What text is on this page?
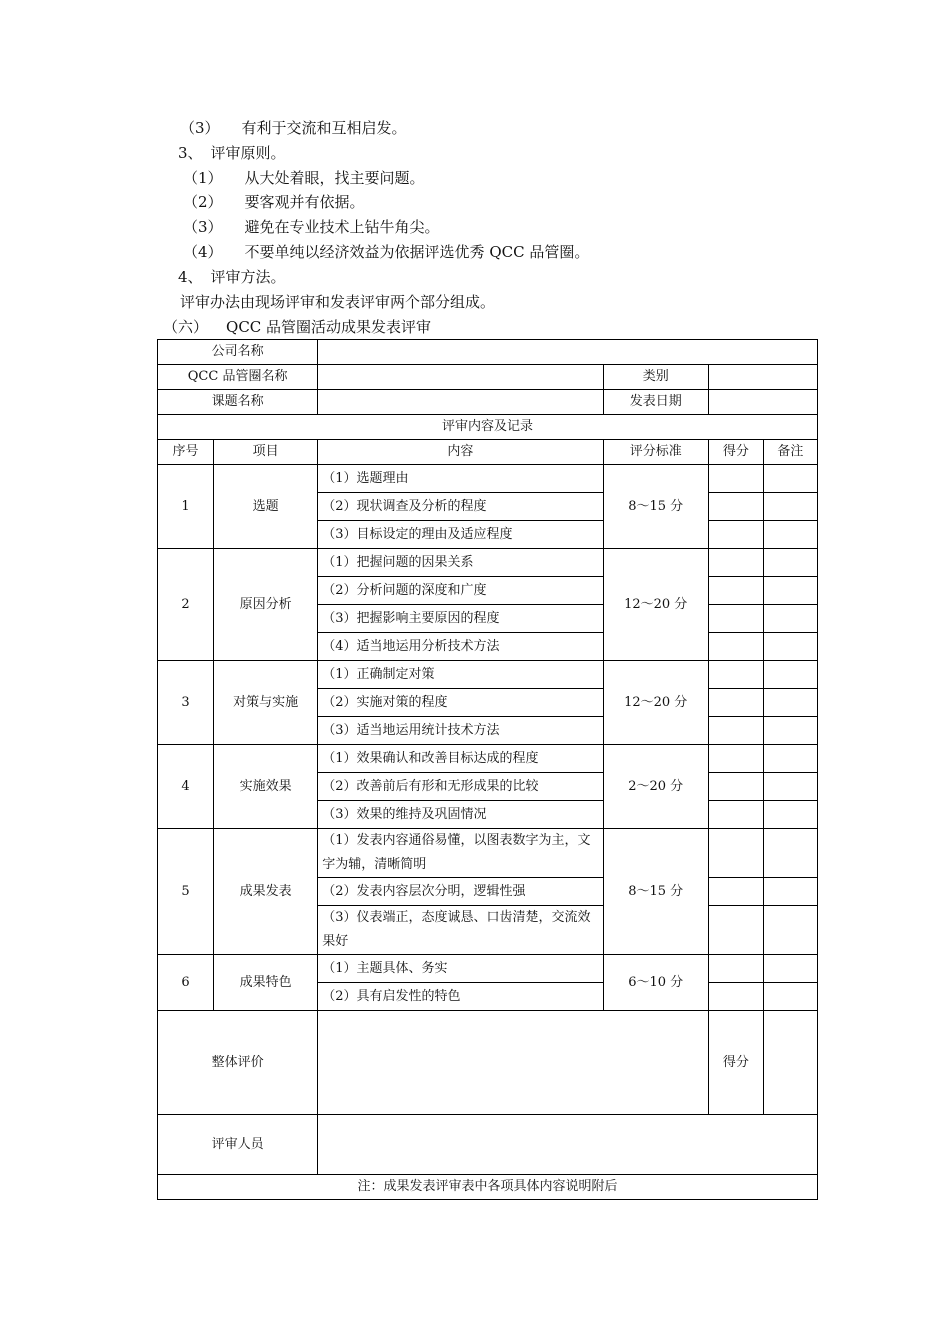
（3） 有利于交流和互相启发。
3、 评审原则。
（1） 从大处着眼，找主要问题。
（2） 要客观并有依据。
（3） 避免在专业技术上钻牛角尖。
（4） 不要单纯以经济效益为依据评选优秀 QCC 品管圈。
4、 评审方法。
评审办法由现场评审和发表评审两个部分组成。
（六） QCC 品管圈活动成果发表评审
公司名称					
QCC 品管圈名称			类别		
课题名称			发表日期		
评审内容及记录					
序号	项目	内容	评分标准	得分	备注
1	选题	（1）选题理由	8～15 分		
		（2）现状调查及分析的程度			
		（3）目标设定的理由及适应程度			
2	原因分析	（1）把握问题的因果关系	12～20 分		
		（2）分析问题的深度和广度			
		（3）把握影响主要原因的程度			
		（4）适当地运用分析技术方法			
3	对策与实施	（1）正确制定对策	12～20 分		
		（2）实施对策的程度			
		（3）适当地运用统计技术方法			
4	实施效果	（1）效果确认和改善目标达成的程度	2～20 分		
		（2）改善前后有形和无形成果的比较			
		（3）效果的维持及巩固情况			
5	成果发表	（1）发表内容通俗易懂，以图表数字为主，文字为辅，清晰简明	8～15 分		
		（2）发表内容层次分明，逻辑性强			
		（3）仪表端正，态度诚恳、口齿清楚，交流效果好			
6	成果特色	（1）主题具体、务实	6～10 分		
		（2）具有启发性的特色			
整体评价				得分	
评审人员					
注：成果发表评审表中各项具体内容说明附后					
